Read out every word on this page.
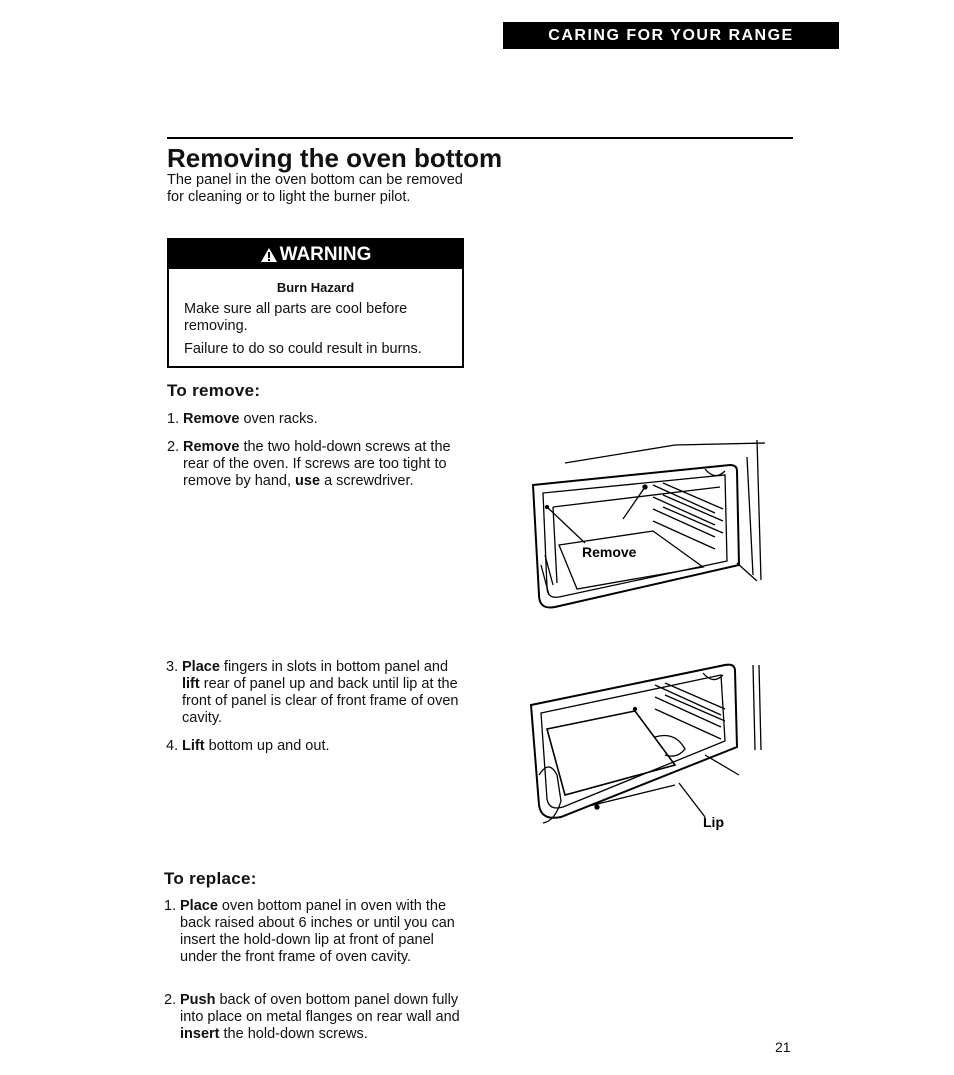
CARING FOR YOUR RANGE
Removing the oven bottom

The panel in the oven bottom can be removed for cleaning or to light the burner pilot.

WARNING
Burn Hazard

Make sure all parts are cool before removing.

Failure to do so could result in burns.

To remove:
1. Remove oven racks.
2. Remove the two hold-down screws at the rear of the oven. If screws are too tight to remove by hand, use a screwdriver.
3. Place fingers in slots in bottom panel and lift rear of panel up and back until lip at the front of panel is clear of front frame of oven cavity.
4. Lift bottom up and out.
To replace:
1. Place oven bottom panel in oven with the back raised about 6 inches or until you can insert the hold-down lip at front of panel under the front frame of oven cavity.
2. Push back of oven bottom panel down fully into place on metal flanges on rear wall and insert the hold-down screws.
Remove
Lip
21
